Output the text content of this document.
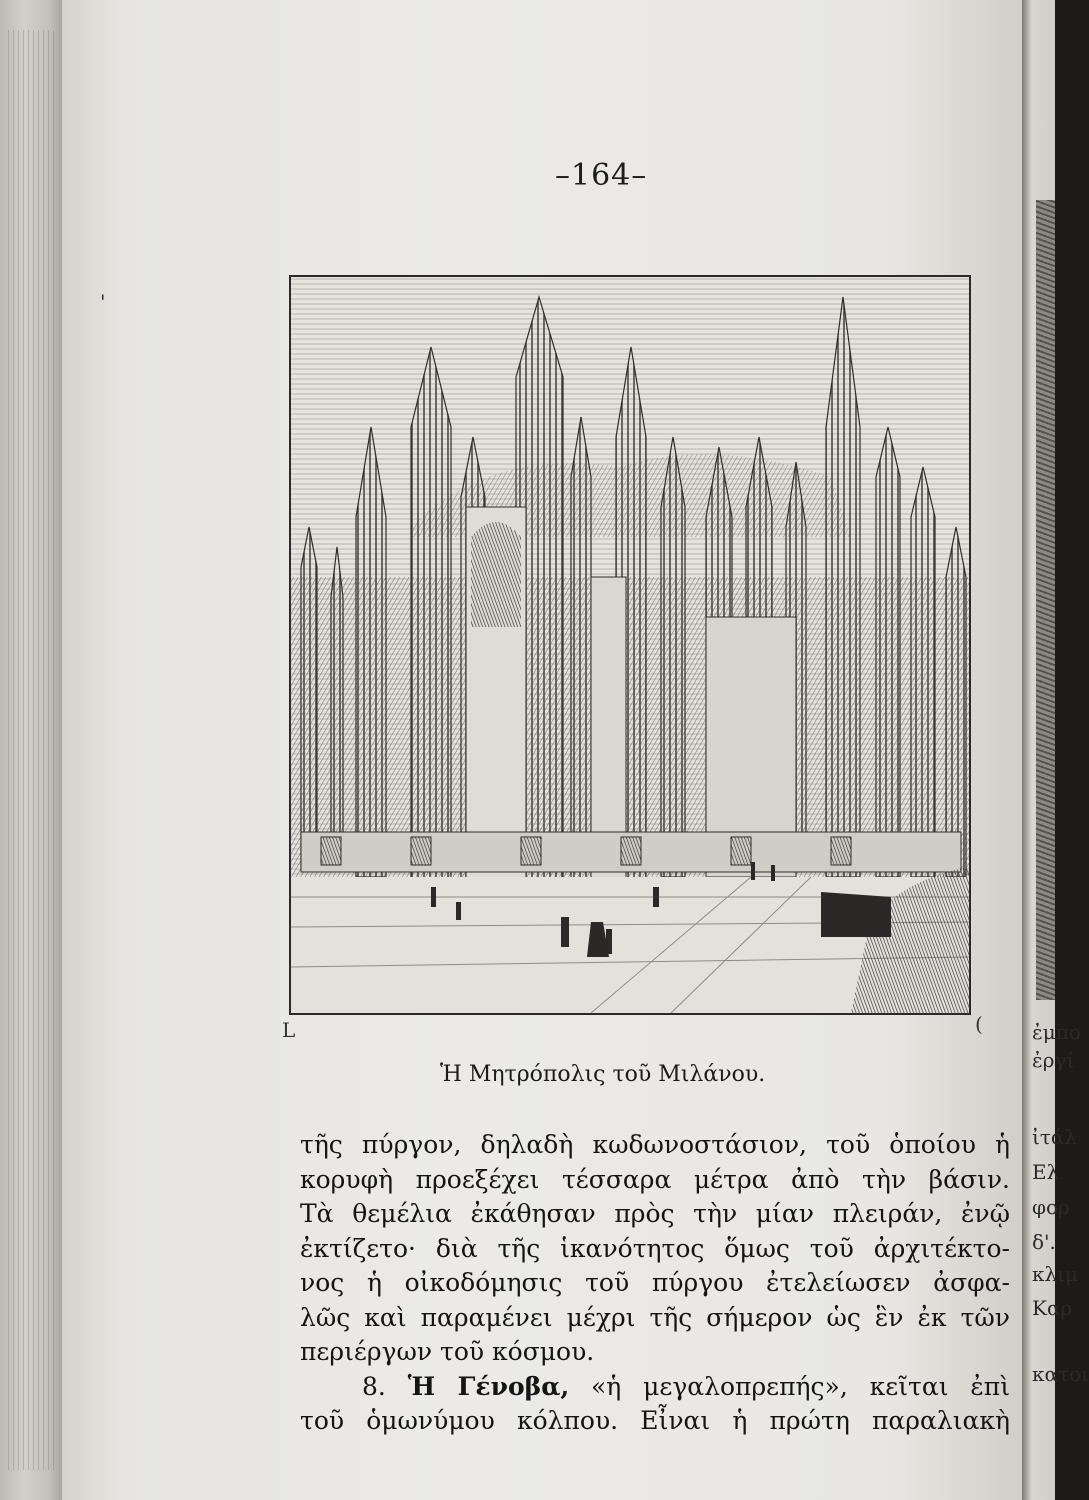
ἐμπο
ἐργί
ἰτάλ
Ελ
φορ
δ'.
κλιμ
Καρ
κατοι
–164–
'
L	(
Ἡ Μητρόπολις τοῦ Μιλάνου.
τῆς πύργον, δηλαδὴ κωδωνοστάσιον, τοῦ ὁποίου ἡ
κορυφὴ προεξέχει τέσσαρα μέτρα ἀπὸ τὴν βάσιν.
Τὰ θεμέλια ἐκάθησαν πρὸς τὴν μίαν πλειράν, ἐνῷ
ἐκτίζετο· διὰ τῆς ἱκανότητος ὅμως τοῦ ἀρχιτέκτο-
νος ἡ οἰκοδόμησις τοῦ πύργου ἐτελείωσεν ἀσφα-
λῶς καὶ παραμένει μέχρι τῆς σήμερον ὡς ἓν ἐκ τῶν
περιέργων τοῦ κόσμου.
8. Ἡ Γένοβα, «ἡ μεγαλοπρεπής», κεῖται ἐπὶ
τοῦ ὁμωνύμου κόλπου. Εἶναι ἡ πρώτη παραλιακὴ
